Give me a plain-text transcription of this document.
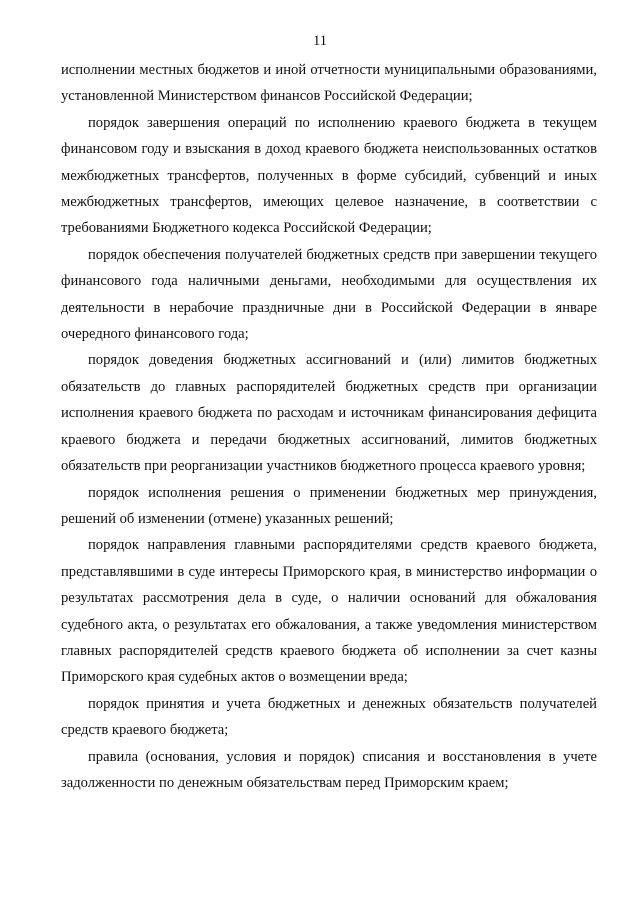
11

исполнении местных бюджетов и иной отчетности муниципальными образованиями, установленной Министерством финансов Российской Федерации;

порядок завершения операций по исполнению краевого бюджета в текущем финансовом году и взыскания в доход краевого бюджета неиспользованных остатков межбюджетных трансфертов, полученных в форме субсидий, субвенций и иных межбюджетных трансфертов, имеющих целевое назначение, в соответствии с требованиями Бюджетного кодекса Российской Федерации;

порядок обеспечения получателей бюджетных средств при завершении текущего финансового года наличными деньгами, необходимыми для осуществления их деятельности в нерабочие праздничные дни в Российской Федерации в январе очередного финансового года;

порядок доведения бюджетных ассигнований и (или) лимитов бюджетных обязательств до главных распорядителей бюджетных средств при организации исполнения краевого бюджета по расходам и источникам финансирования дефицита краевого бюджета и передачи бюджетных ассигнований, лимитов бюджетных обязательств при реорганизации участников бюджетного процесса краевого уровня;

порядок исполнения решения о применении бюджетных мер принуждения, решений об изменении (отмене) указанных решений;

порядок направления главными распорядителями средств краевого бюджета, представлявшими в суде интересы Приморского края, в министерство информации о результатах рассмотрения дела в суде, о наличии оснований для обжалования судебного акта, о результатах его обжалования, а также уведомления министерством главных распорядителей средств краевого бюджета об исполнении за счет казны Приморского края судебных актов о возмещении вреда;

порядок принятия и учета бюджетных и денежных обязательств получателей средств краевого бюджета;

правила (основания, условия и порядок) списания и восстановления в учете задолженности по денежным обязательствам перед Приморским краем;
